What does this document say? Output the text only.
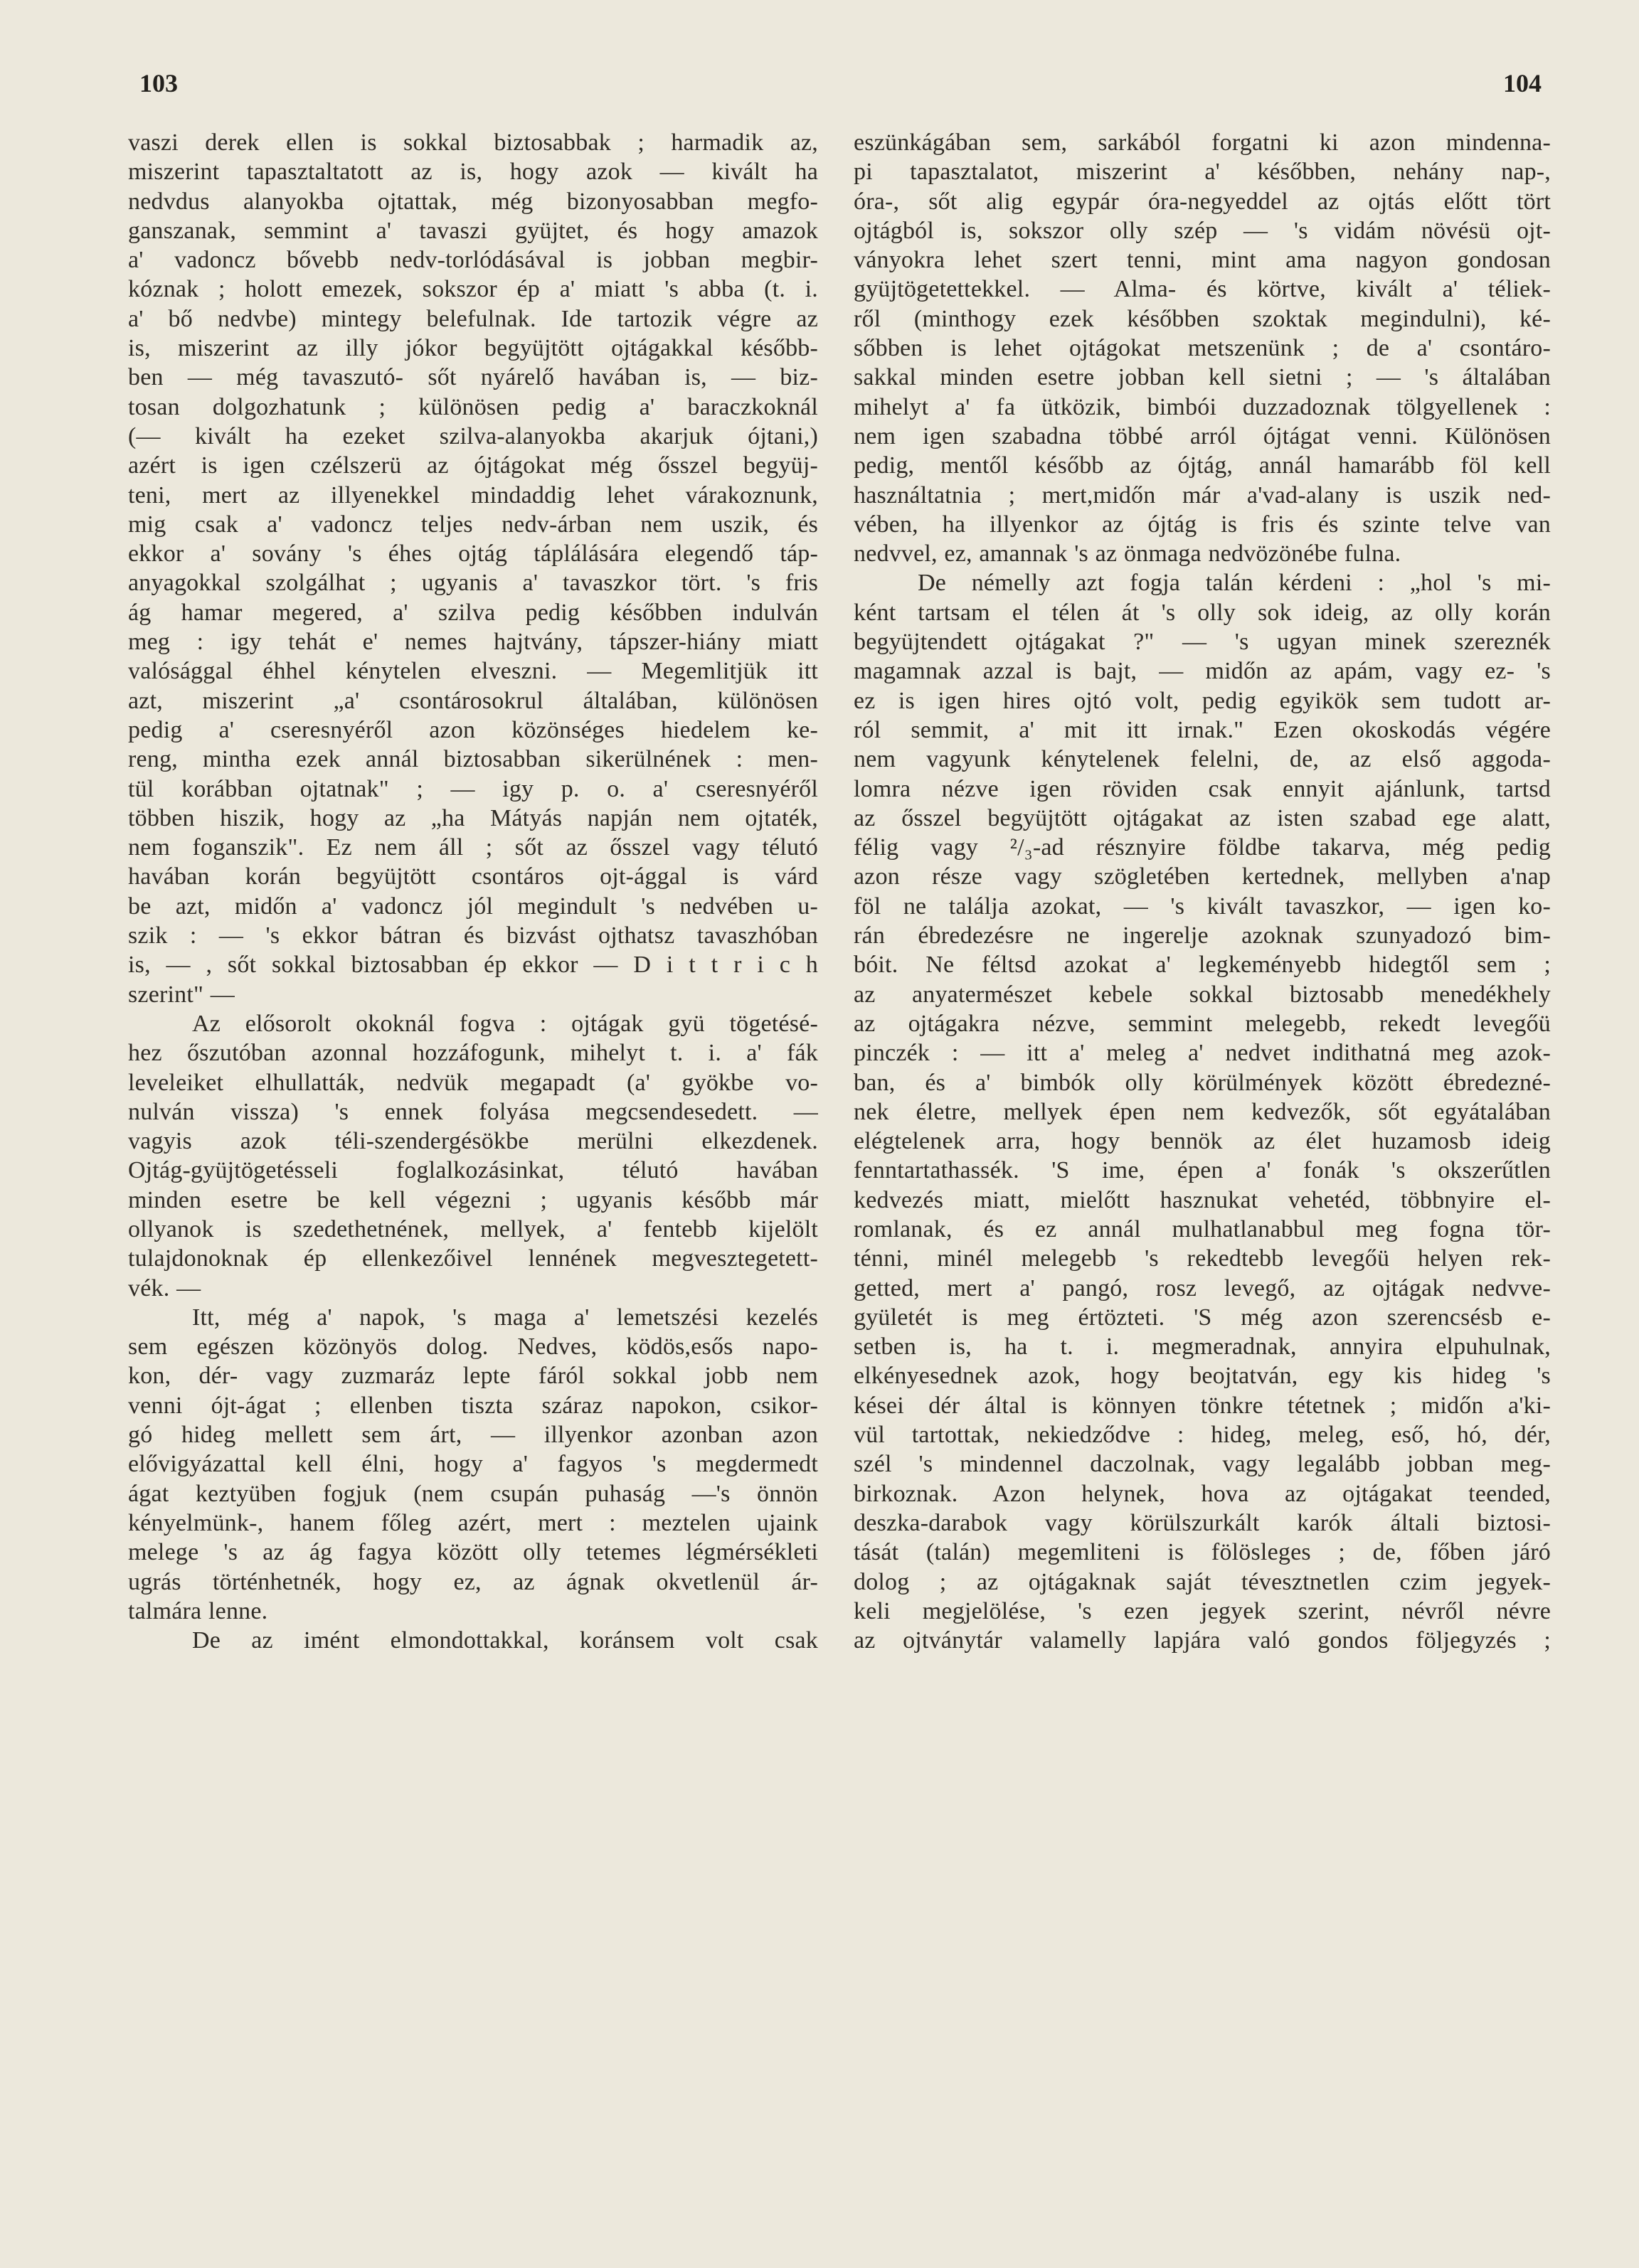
103	104
vaszi derek ellen is sokkal biztosabbak ; harmadik az,
miszerint tapasztaltatott az is, hogy azok — kivált ha
nedvdus alanyokba ojtattak, még bizonyosabban megfo-
ganszanak, semmint a' tavaszi gyüjtet, és hogy amazok
a' vadoncz bővebb nedv-torlódásával is jobban megbir-
kóznak ; holott emezek, sokszor ép a' miatt 's abba (t. i.
a' bő nedvbe) mintegy belefulnak. Ide tartozik végre az
is, miszerint az illy jókor begyüjtött ojtágakkal később-
ben — még tavaszutó- sőt nyárelő havában is, — biz-
tosan dolgozhatunk ; különösen pedig a' baraczkoknál
(— kivált ha ezeket szilva-alanyokba akarjuk ójtani,)
azért is igen czélszerü az ójtágokat még ősszel begyüj-
teni, mert az illyenekkel mindaddig lehet várakoznunk,
mig csak a' vadoncz teljes nedv-árban nem uszik, és
ekkor a' sovány 's éhes ojtág táplálására elegendő táp-
anyagokkal szolgálhat ; ugyanis a' tavaszkor tört. 's fris
ág hamar megered, a' szilva pedig későbben indulván
meg : igy tehát e' nemes hajtvány, tápszer-hiány miatt
valósággal éhhel kénytelen elveszni. — Megemlitjük itt
azt, miszerint „a' csontárosokrul általában, különösen
pedig a' cseresnyéről azon közönséges hiedelem ke-
reng, mintha ezek annál biztosabban sikerülnének : men-
tül korábban ojtatnak" ; — igy p. o. a' cseresnyéről
többen hiszik, hogy az „ha Mátyás napján nem ojtaték,
nem foganszik". Ez nem áll ; sőt az ősszel vagy télutó
havában korán begyüjtött csontáros ojt-ággal is várd
be azt, midőn a' vadoncz jól megindult 's nedvében u-
szik : — 's ekkor bátran és bizvást ojthatsz tavaszhóban
is, — , sőt sokkal biztosabban ép ekkor — D i t t r i c h
szerint" —
Az elősorolt okoknál fogva : ojtágak gyü tögetésé-
hez őszutóban azonnal hozzáfogunk, mihelyt t. i. a' fák
leveleiket elhullatták, nedvük megapadt (a' gyökbe vo-
nulván vissza) 's ennek folyása megcsendesedett. —
vagyis azok téli-szendergésökbe merülni elkezdenek.
Ojtág-gyüjtögetésseli foglalkozásinkat, télutó havában
minden esetre be kell végezni ; ugyanis később már
ollyanok is szedethetnének, mellyek, a' fentebb kijelölt
tulajdonoknak ép ellenkezőivel lennének megvesztegetett-
vék. —
Itt, még a' napok, 's maga a' lemetszési kezelés
sem egészen közönyös dolog. Nedves, ködös,esős napo-
kon, dér- vagy zuzmaráz lepte fáról sokkal jobb nem
venni ójt-ágat ; ellenben tiszta száraz napokon, csikor-
gó hideg mellett sem árt, — illyenkor azonban azon
elővigyázattal kell élni, hogy a' fagyos 's megdermedt
ágat keztyüben fogjuk (nem csupán puhaság —'s önnön
kényelmünk-, hanem főleg azért, mert : meztelen ujaink
melege 's az ág fagya között olly tetemes légmérsékleti
ugrás történhetnék, hogy ez, az ágnak okvetlenül ár-
talmára lenne.
De az imént elmondottakkal, koránsem volt csak
eszünkágában sem, sarkából forgatni ki azon mindenna-
pi tapasztalatot, miszerint a' későbben, nehány nap-,
óra-, sőt alig egypár óra-negyeddel az ojtás előtt tört
ojtágból is, sokszor olly szép — 's vidám növésü ojt-
ványokra lehet szert tenni, mint ama nagyon gondosan
gyüjtögetettekkel. — Alma- és körtve, kivált a' téliek-
ről (minthogy ezek későbben szoktak megindulni), ké-
sőbben is lehet ojtágokat metszenünk ; de a' csontáro-
sakkal minden esetre jobban kell sietni ; — 's általában
mihelyt a' fa ütközik, bimbói duzzadoznak tölgyellenek :
nem igen szabadna többé arról ójtágat venni. Különösen
pedig, mentől később az ójtág, annál hamarább föl kell
használtatnia ; mert,midőn már a'vad-alany is uszik ned-
vében, ha illyenkor az ójtág is fris és szinte telve van
nedvvel, ez, amannak 's az önmaga nedvözönébe fulna.
De némelly azt fogja talán kérdeni : „hol 's mi-
ként tartsam el télen át 's olly sok ideig, az olly korán
begyüjtendett ojtágakat ?" — 's ugyan minek szereznék
magamnak azzal is bajt, — midőn az apám, vagy ez- 's
ez is igen hires ojtó volt, pedig egyikök sem tudott ar-
ról semmit, a' mit itt irnak." Ezen okoskodás végére
nem vagyunk kénytelenek felelni, de, az első aggoda-
lomra nézve igen röviden csak ennyit ajánlunk, tartsd
az ősszel begyüjtött ojtágakat az isten szabad ege alatt,
félig vagy ²/₃-ad résznyire földbe takarva, még pedig
azon része vagy szögletében kertednek, mellyben a'nap
föl ne találja azokat, — 's kivált tavaszkor, — igen ko-
rán ébredezésre ne ingerelje azoknak szunyadozó bim-
bóit. Ne féltsd azokat a' legkeményebb hidegtől sem ;
az anyatermészet kebele sokkal biztosabb menedékhely
az ojtágakra nézve, semmint melegebb, rekedt levegőü
pinczék : — itt a' meleg a' nedvet indithatná meg azok-
ban, és a' bimbók olly körülmények között ébredezné-
nek életre, mellyek épen nem kedvezők, sőt egyátalában
elégtelenek arra, hogy bennök az élet huzamosb ideig
fenntartathassék. 'S ime, épen a' fonák 's okszerűtlen
kedvezés miatt, mielőtt hasznukat vehetéd, többnyire el-
romlanak, és ez annál mulhatlanabbul meg fogna tör-
ténni, minél melegebb 's rekedtebb levegőü helyen rek-
getted, mert a' pangó, rosz levegő, az ojtágak nedvve-
gyületét is meg értözteti. 'S még azon szerencsésb e-
setben is, ha t. i. megmeradnak, annyira elpuhulnak,
elkényesednek azok, hogy beojtatván, egy kis hideg 's
kései dér által is könnyen tönkre tétetnek ; midőn a'ki-
vül tartottak, nekiedződve : hideg, meleg, eső, hó, dér,
szél 's mindennel daczolnak, vagy legalább jobban meg-
birkoznak. Azon helynek, hova az ojtágakat teended,
deszka-darabok vagy körülszurkált karók általi biztosi-
tását (talán) megemliteni is fölösleges ; de, főben járó
dolog ; az ojtágaknak saját tévesztnetlen czim jegyek-
keli megjelölése, 's ezen jegyek szerint, névről névre
az ojtványtár valamelly lapjára való gondos följegyzés ;
